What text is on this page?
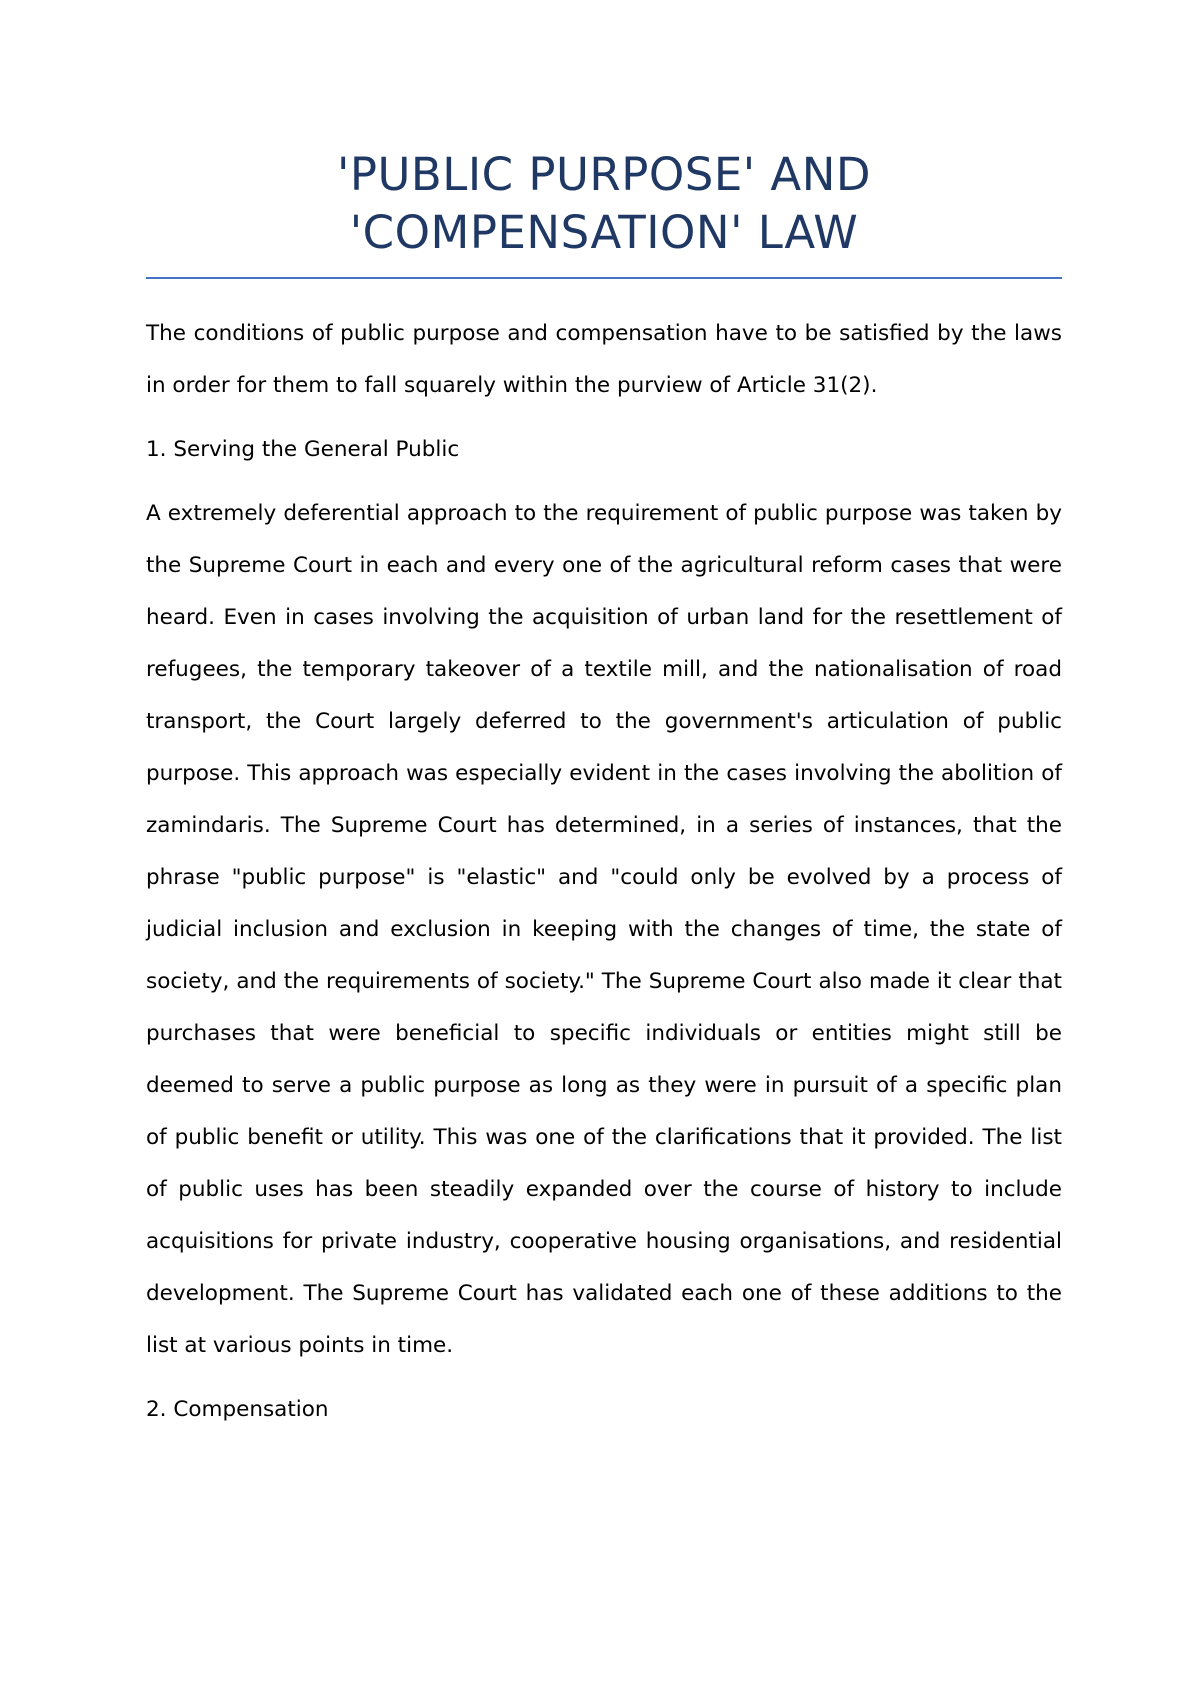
'PUBLIC PURPOSE' AND 'COMPENSATION' LAW

The conditions of public purpose and compensation have to be satisfied by the laws in order for them to fall squarely within the purview of Article 31(2).

1. Serving the General Public

A extremely deferential approach to the requirement of public purpose was taken by the Supreme Court in each and every one of the agricultural reform cases that were heard. Even in cases involving the acquisition of urban land for the resettlement of refugees, the temporary takeover of a textile mill, and the nationalisation of road transport, the Court largely deferred to the government's articulation of public purpose. This approach was especially evident in the cases involving the abolition of zamindaris. The Supreme Court has determined, in a series of instances, that the phrase "public purpose" is "elastic" and "could only be evolved by a process of judicial inclusion and exclusion in keeping with the changes of time, the state of society, and the requirements of society." The Supreme Court also made it clear that purchases that were beneficial to specific individuals or entities might still be deemed to serve a public purpose as long as they were in pursuit of a specific plan of public benefit or utility. This was one of the clarifications that it provided. The list of public uses has been steadily expanded over the course of history to include acquisitions for private industry, cooperative housing organisations, and residential development. The Supreme Court has validated each one of these additions to the list at various points in time.

2. Compensation
